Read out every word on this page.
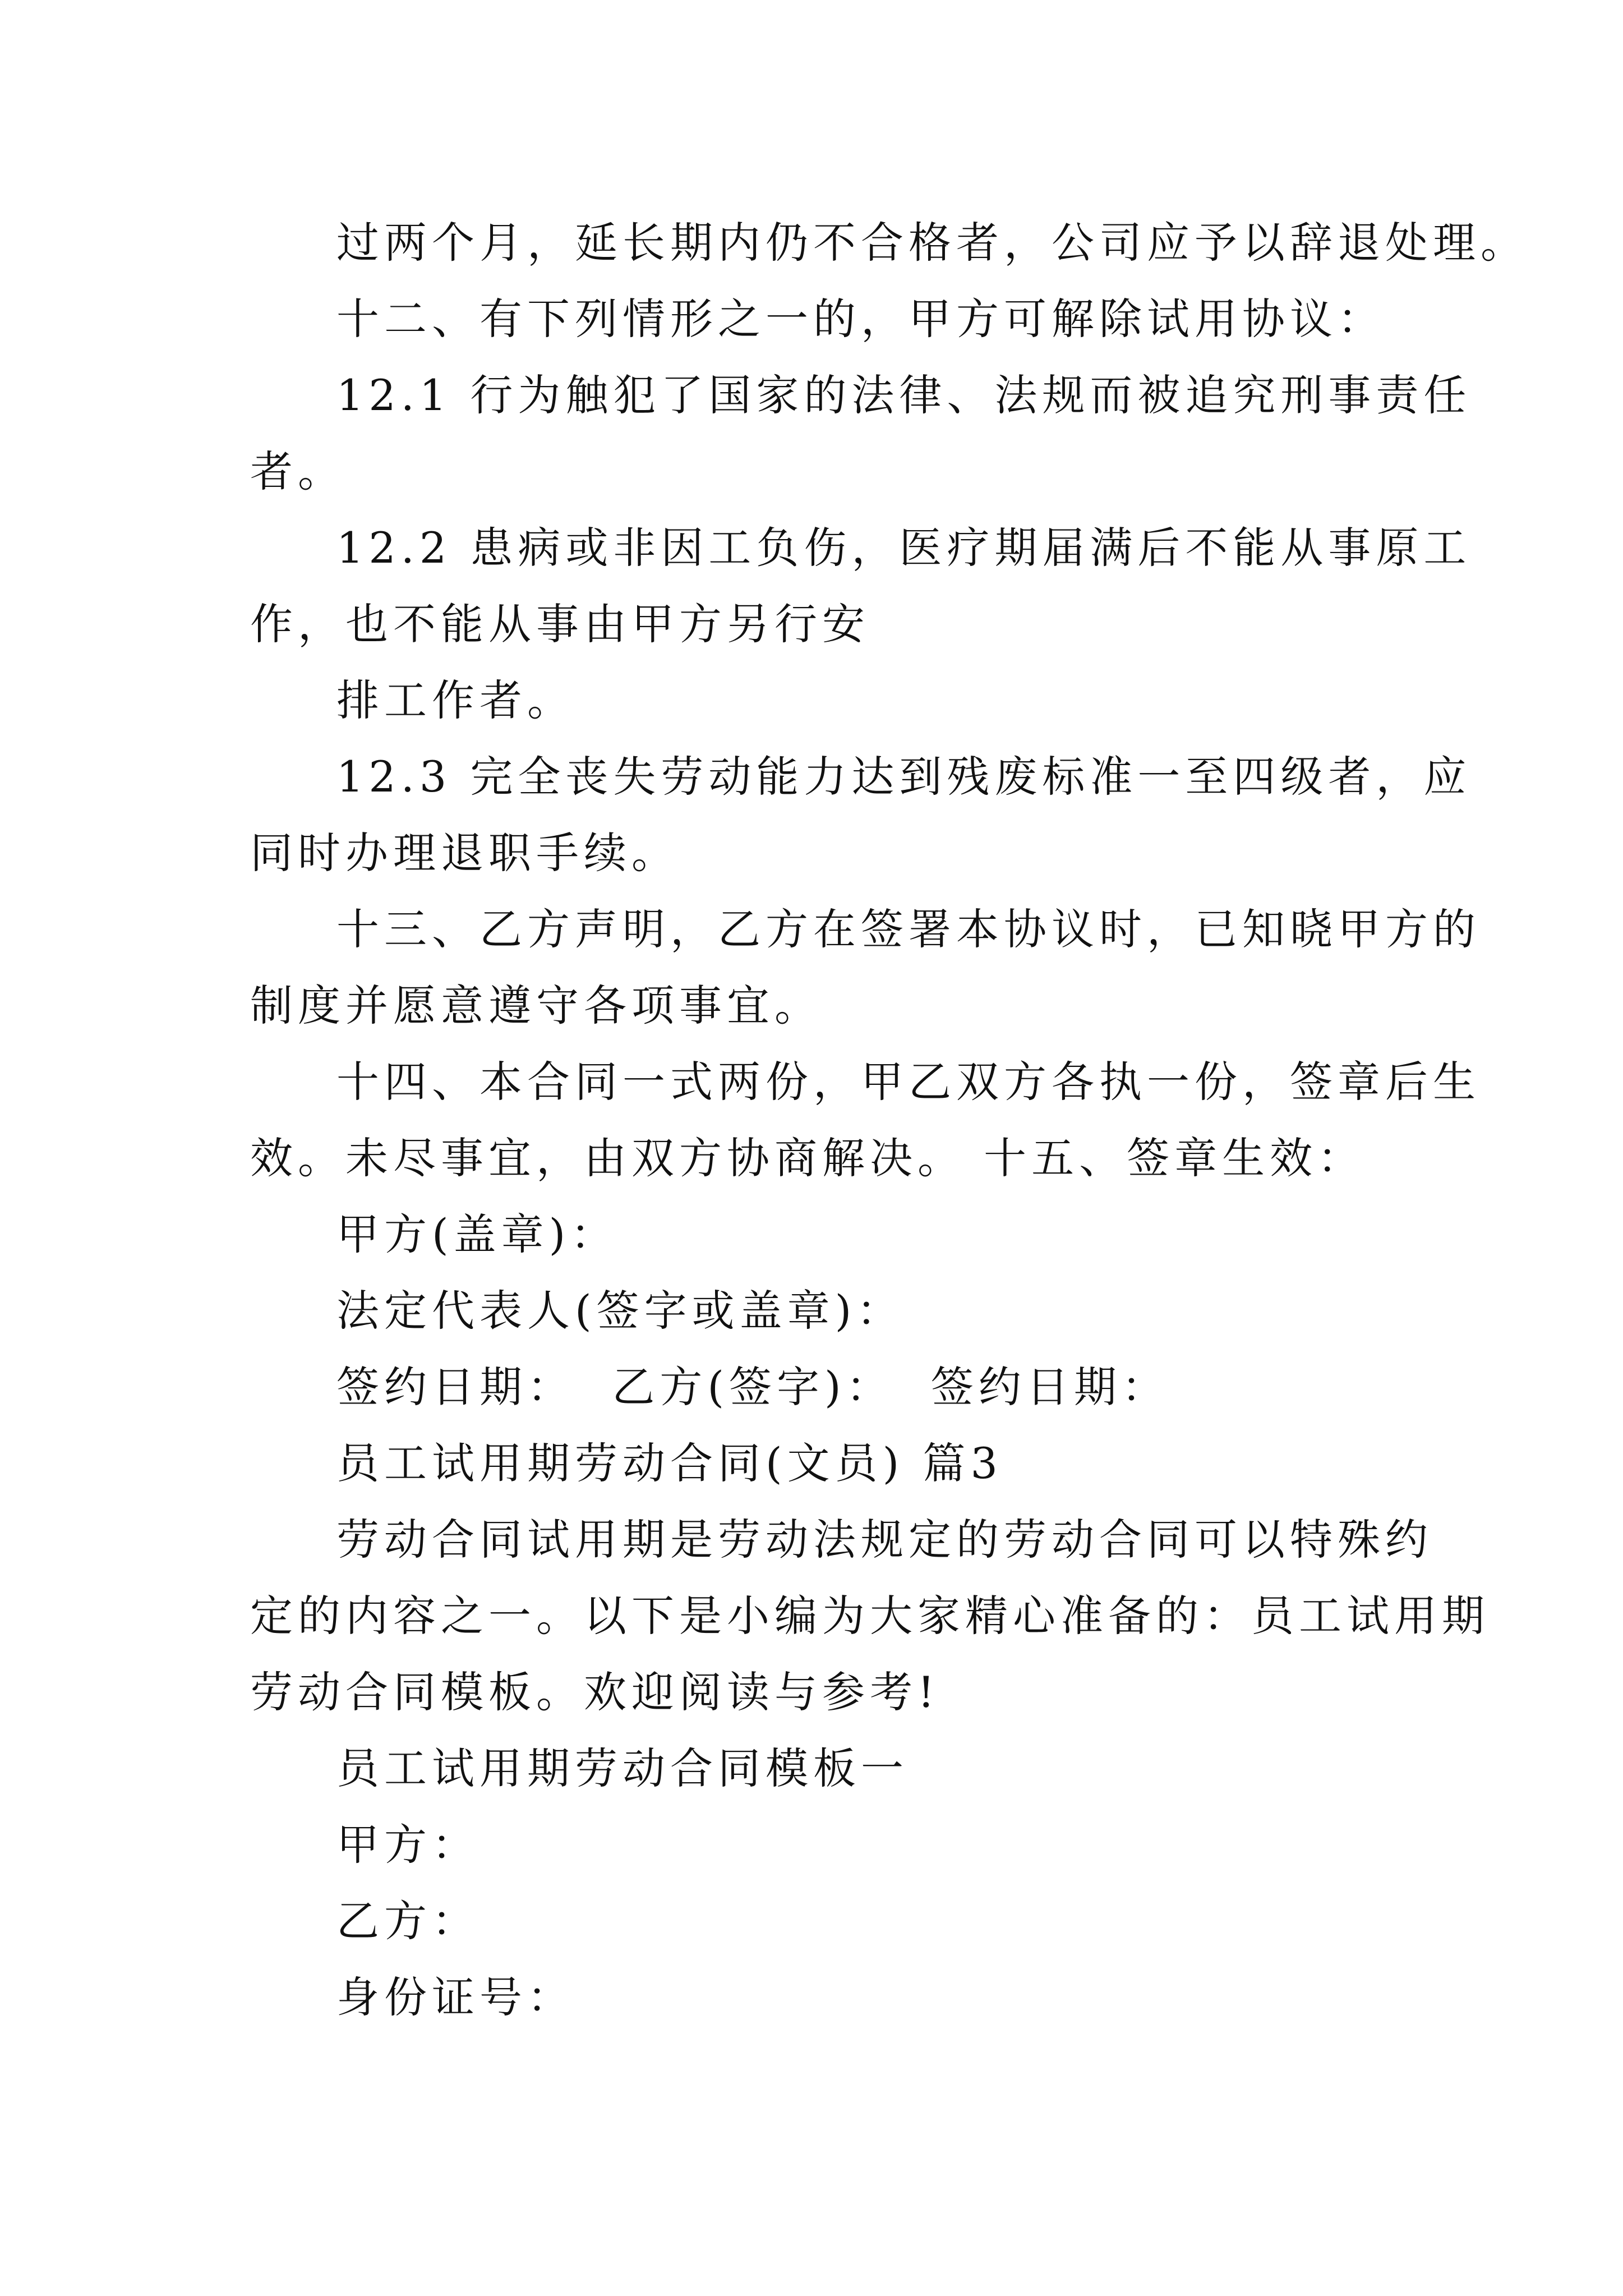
过两个月，延长期内仍不合格者，公司应予以辞退处理。
十二、有下列情形之一的，甲方可解除试用协议：
12.1 行为触犯了国家的法律、法规而被追究刑事责任
者。
12.2 患病或非因工负伤，医疗期届满后不能从事原工
作，也不能从事由甲方另行安
排工作者。
12.3 完全丧失劳动能力达到残废标准一至四级者，应
同时办理退职手续。
十三、乙方声明，乙方在签署本协议时，已知晓甲方的
制度并愿意遵守各项事宜。
十四、本合同一式两份，甲乙双方各执一份，签章后生
效。未尽事宜，由双方协商解决。 十五、签章生效：
甲方(盖章)：
法定代表人(签字或盖章)：
签约日期：  乙方(签字)：  签约日期：
员工试用期劳动合同(文员) 篇3
劳动合同试用期是劳动法规定的劳动合同可以特殊约
定的内容之一。以下是小编为大家精心准备的：员工试用期
劳动合同模板。欢迎阅读与参考!
员工试用期劳动合同模板一
甲方：
乙方：
身份证号：
